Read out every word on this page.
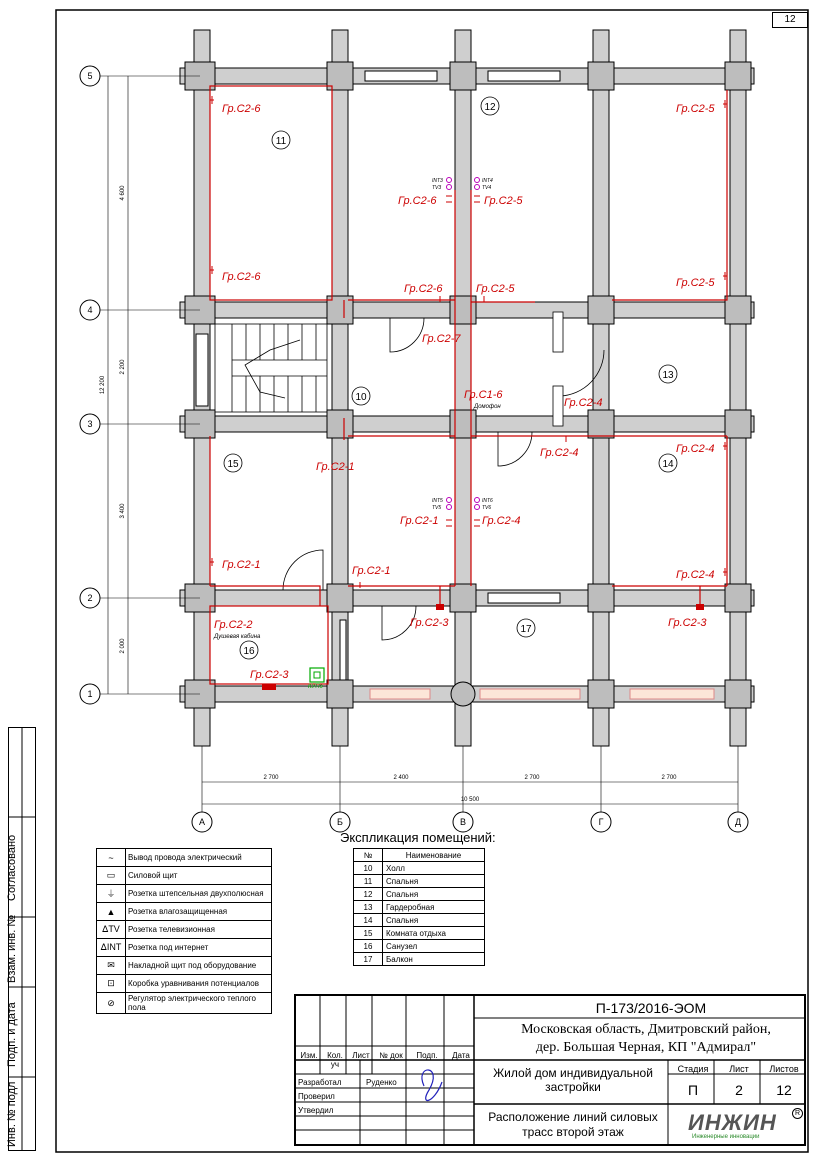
5
4
3
2
1
А	Б	В	Г	Д
4 600
2 200
3 400
2 000
12 200
2 700	2 400	2 700	2 700
10 500
11
12
13
10
15	14
16
17
Гр.С2-6
Гр.С2-6
Гр.С2-6
Гр.С2-6
Гр.С2-5
Гр.С2-5
Гр.С2-5
Гр.С2-5
Гр.С2-7
Гр.С1-6
Гр.С2-4
Гр.С2-4	Гр.С2-4
Гр.С2-4
Гр.С2-4
Гр.С2-1
Гр.С2-1
Гр.С2-1	Гр.С2-1
Гр.С2-2
Гр.С2-3
Гр.С2-3	Гр.С2-3
Домофон
Душевая кабина
КУПэ
INT3
TV3
INT4
TV4
INT5
TV5
INT6
TV6
12
~	Вывод провода электрический
▭	Силовой щит
⏚	Розетка штепсельная двухполюсная
▲	Розетка влагозащищенная
ᐃTV	Розетка телевизионная
ᐃINT	Розетка под интернет
✉	Накладной щит под оборудование
⊡	Коробка уравнивания потенциалов
⊘	Регулятор электрического теплого пола
Экспликация помещений:
№	Наименование
10	Холл
11	Спальня
12	Спальня
13	Гардеробная
14	Спальня
15	Комната отдыха
16	Санузел
17	Балкон
Инв. № подл
Подп. и дата
Взам. инв. №
Согласовано
П-173/2016-ЭОМ
Московская область, Дмитровский район,
дер. Большая Черная, КП "Адмирал"
Изм.	Кол. уч
Лист	№ док	Подп.	Дата
Разработал
Проверил
Утвердил
Руденко
Жилой дом индивидуальной
застройки
Стадия	Лист	Листов
П	2	12
Расположение линий силовых
трасс второй этаж	ИНЖИН
Инженерные инновации
R
